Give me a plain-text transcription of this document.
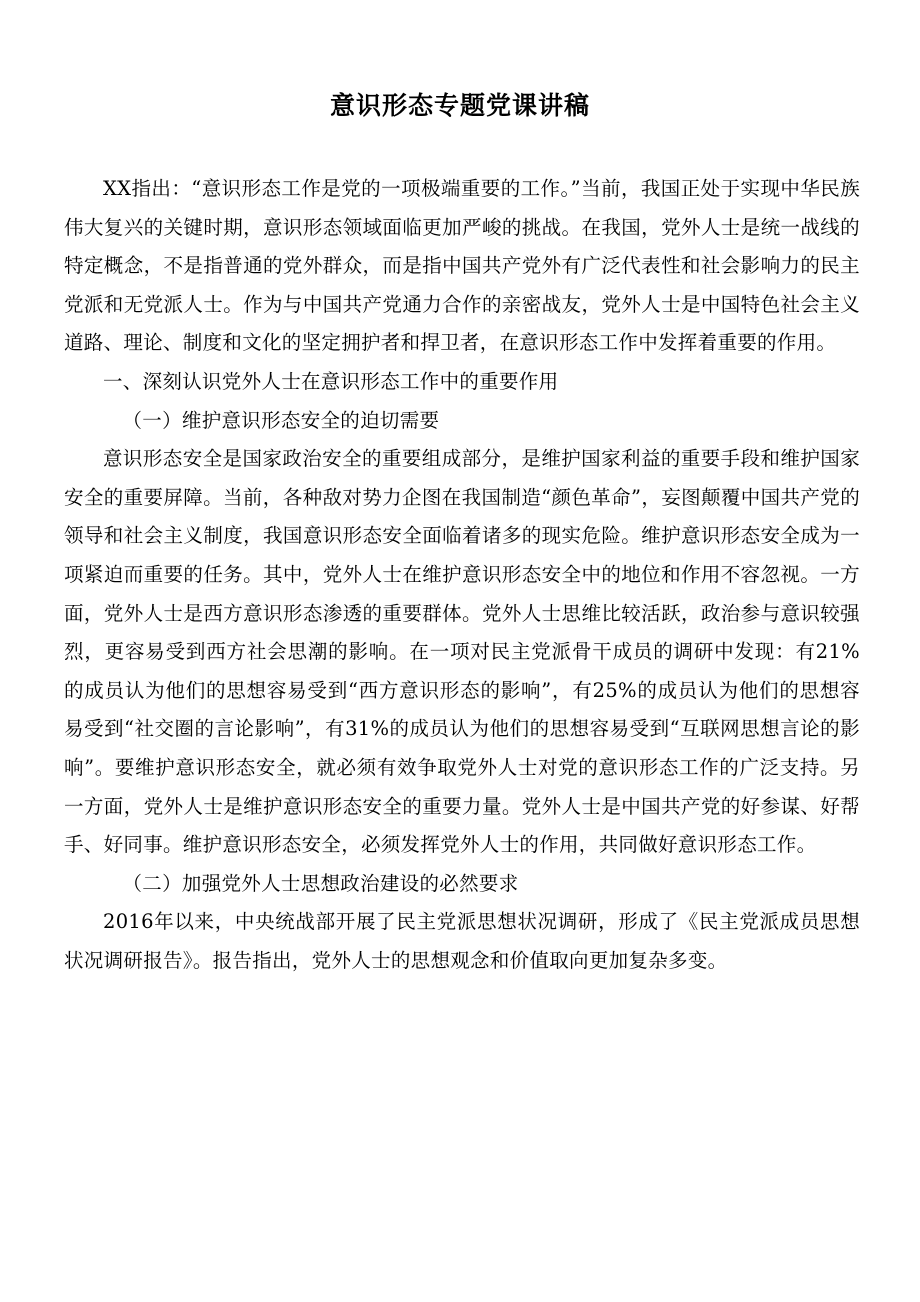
意识形态专题党课讲稿

XX指出：“意识形态工作是党的一项极端重要的工作。”当前，我国正处于实现中华民族伟大复兴的关键时期，意识形态领域面临更加严峻的挑战。在我国，党外人士是统一战线的特定概念，不是指普通的党外群众，而是指中国共产党外有广泛代表性和社会影响力的民主党派和无党派人士。作为与中国共产党通力合作的亲密战友，党外人士是中国特色社会主义道路、理论、制度和文化的坚定拥护者和捍卫者，在意识形态工作中发挥着重要的作用。

一、深刻认识党外人士在意识形态工作中的重要作用

（一）维护意识形态安全的迫切需要

意识形态安全是国家政治安全的重要组成部分，是维护国家利益的重要手段和维护国家安全的重要屏障。当前，各种敌对势力企图在我国制造“颜色革命”，妄图颠覆中国共产党的领导和社会主义制度，我国意识形态安全面临着诸多的现实危险。维护意识形态安全成为一项紧迫而重要的任务。其中，党外人士在维护意识形态安全中的地位和作用不容忽视。一方面，党外人士是西方意识形态渗透的重要群体。党外人士思维比较活跃，政治参与意识较强烈，更容易受到西方社会思潮的影响。在一项对民主党派骨干成员的调研中发现：有21%的成员认为他们的思想容易受到“西方意识形态的影响”，有25%的成员认为他们的思想容易受到“社交圈的言论影响”，有31%的成员认为他们的思想容易受到“互联网思想言论的影响”。要维护意识形态安全，就必须有效争取党外人士对党的意识形态工作的广泛支持。另一方面，党外人士是维护意识形态安全的重要力量。党外人士是中国共产党的好参谋、好帮手、好同事。维护意识形态安全，必须发挥党外人士的作用，共同做好意识形态工作。

（二）加强党外人士思想政治建设的必然要求

2016年以来，中央统战部开展了民主党派思想状况调研，形成了《民主党派成员思想状况调研报告》。报告指出，党外人士的思想观念和价值取向更加复杂多变。
